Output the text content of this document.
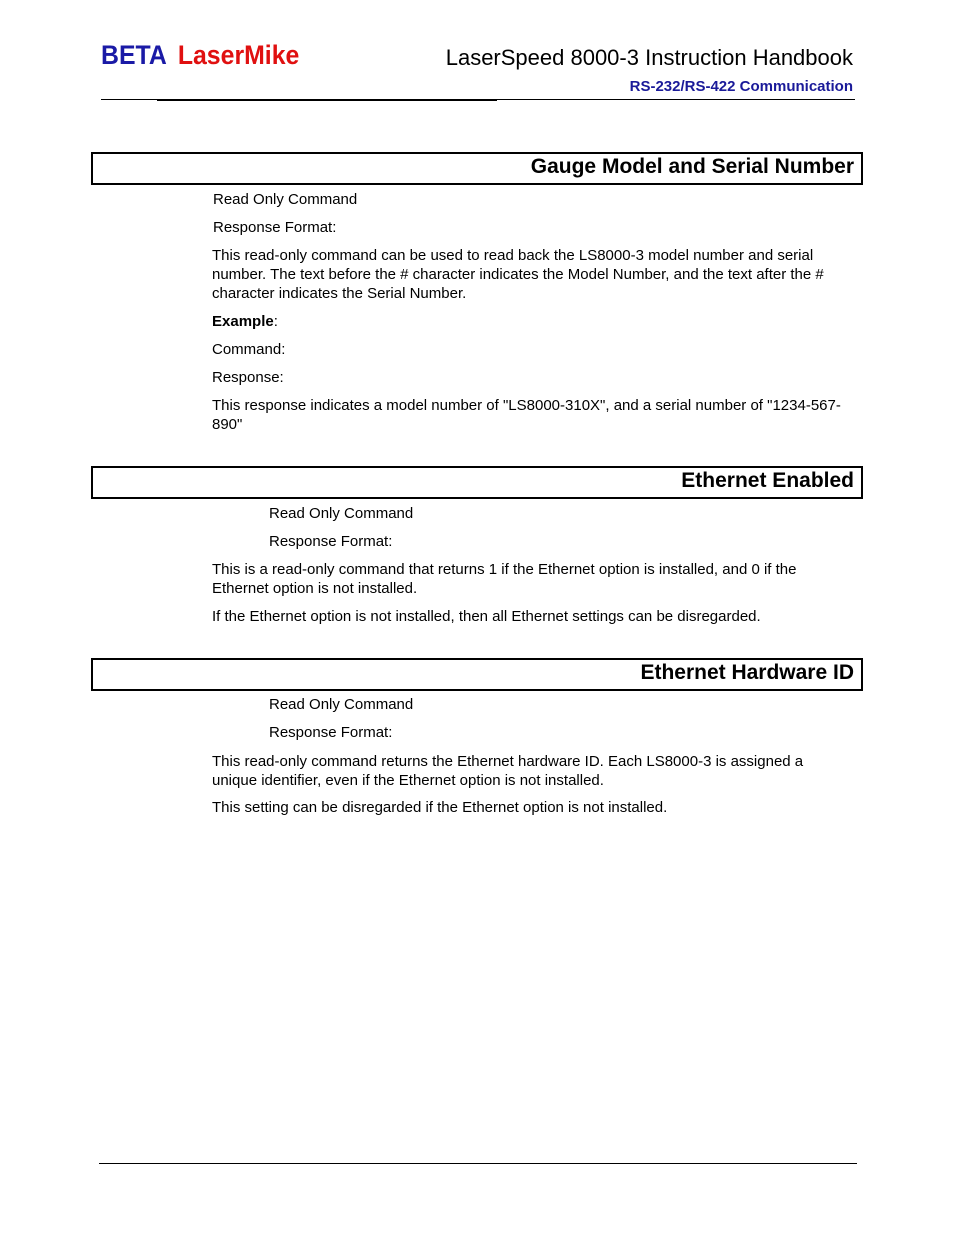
BETA LaserMike	LaserSpeed 8000-3 Instruction Handbook
RS-232/RS-422 Communication
Gauge Model and Serial Number

Read Only Command

Response Format:

This read-only command can be used to read back the LS8000-3 model number and serial number. The text before the # character indicates the Model Number, and the text after the # character indicates the Serial Number.

Example:

Command:

Response:

This response indicates a model number of "LS8000-310X", and a serial number of "1234-567-890"

Ethernet Enabled

Read Only Command

Response Format:

This is a read-only command that returns 1 if the Ethernet option is installed, and 0 if the Ethernet option is not installed.

If the Ethernet option is not installed, then all Ethernet settings can be disregarded.

Ethernet Hardware ID

Read Only Command

Response Format:

This read-only command returns the Ethernet hardware ID. Each LS8000-3 is assigned a unique identifier, even if the Ethernet option is not installed.

This setting can be disregarded if the Ethernet option is not installed.
